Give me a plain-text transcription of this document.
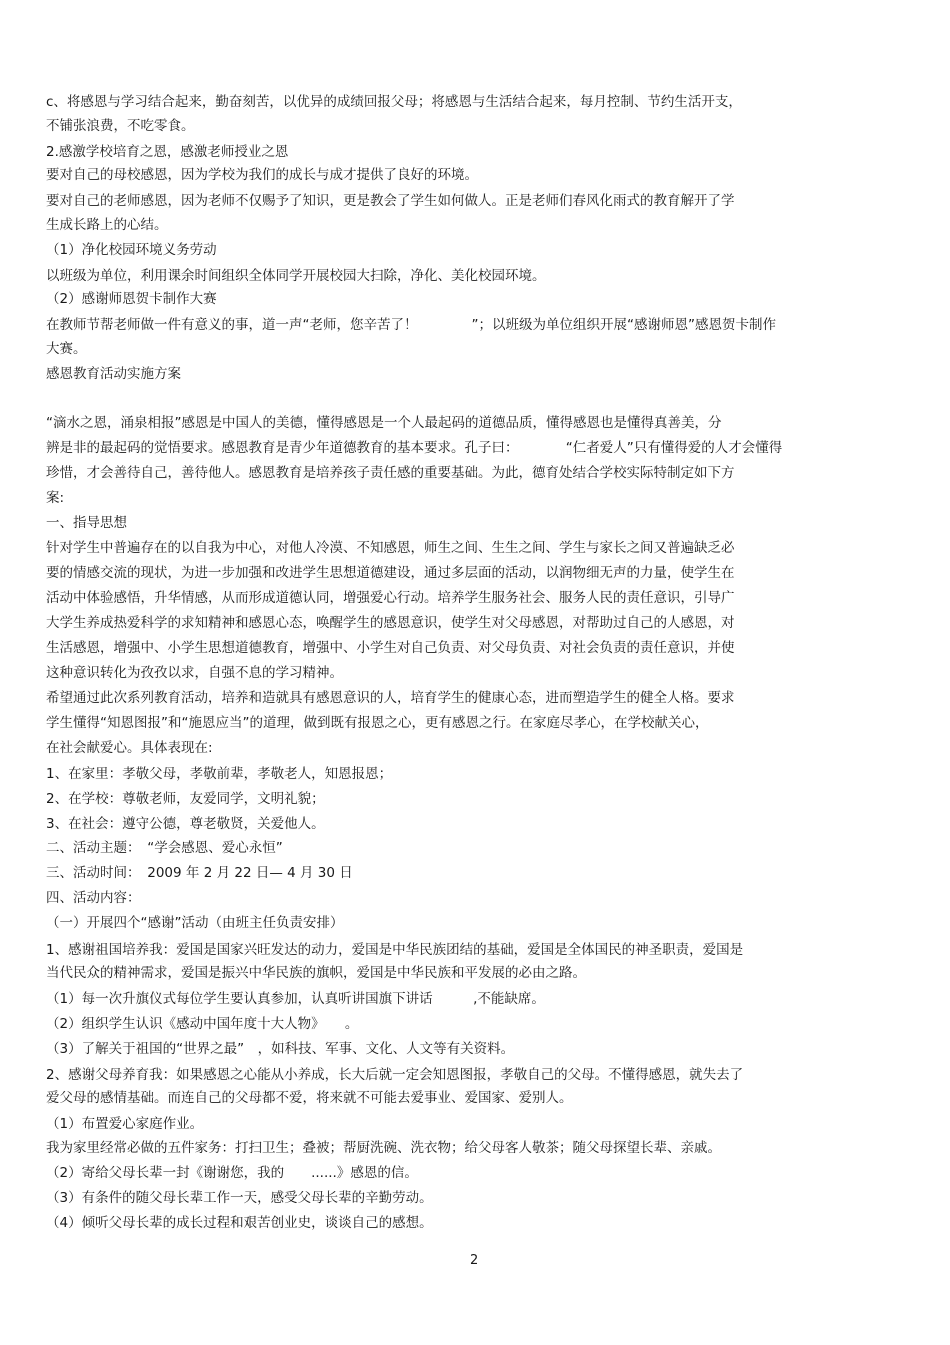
c、将感恩与学习结合起来，勤奋刻苦，以优异的成绩回报父母；将感恩与生活结合起来，每月控制、节约生活开支，
不铺张浪费，不吃零食。
2.感激学校培育之恩，感激老师授业之恩
要对自己的母校感恩，因为学校为我们的成长与成才提供了良好的环境。
要对自己的老师感恩，因为老师不仅赐予了知识，更是教会了学生如何做人。正是老师们春风化雨式的教育解开了学
生成长路上的心结。
（1）净化校园环境义务劳动
以班级为单位，利用课余时间组织全体同学开展校园大扫除，净化、美化校园环境。
（2）感谢师恩贺卡制作大赛
在教师节帮老师做一件有意义的事，道一声“老师，您辛苦了！　　　　”；以班级为单位组织开展“感谢师恩”感恩贺卡制作
大赛。
感恩教育活动实施方案
“滴水之恩，涌泉相报”感恩是中国人的美德，懂得感恩是一个人最起码的道德品质，懂得感恩也是懂得真善美，分
辨是非的最起码的觉悟要求。感恩教育是青少年道德教育的基本要求。孔子曰：　　　　“仁者爱人”只有懂得爱的人才会懂得
珍惜，才会善待自己，善待他人。感恩教育是培养孩子责任感的重要基础。为此，德育处结合学校实际特制定如下方
案:
一、指导思想
针对学生中普遍存在的以自我为中心，对他人冷漠、不知感恩，师生之间、生生之间、学生与家长之间又普遍缺乏必
要的情感交流的现状，为进一步加强和改进学生思想道德建设，通过多层面的活动，以润物细无声的力量，使学生在
活动中体验感悟，升华情感，从而形成道德认同，增强爱心行动。培养学生服务社会、服务人民的责任意识，引导广
大学生养成热爱科学的求知精神和感恩心态，唤醒学生的感恩意识，使学生对父母感恩，对帮助过自己的人感恩，对
生活感恩，增强中、小学生思想道德教育，增强中、小学生对自己负责、对父母负责、对社会负责的责任意识，并使
这种意识转化为孜孜以求，自强不息的学习精神。
希望通过此次系列教育活动，培养和造就具有感恩意识的人，培育学生的健康心态，进而塑造学生的健全人格。要求
学生懂得“知恩图报”和“施恩应当”的道理，做到既有报恩之心，更有感恩之行。在家庭尽孝心，在学校献关心，
在社会献爱心。具体表现在:
1、在家里：孝敬父母，孝敬前辈，孝敬老人，知恩报恩；
2、在学校：尊敬老师，友爱同学，文明礼貌；
3、在社会：遵守公德，尊老敬贤，关爱他人。
二、活动主题：　“学会感恩、爱心永恒”
三、活动时间：　2009 年 2 月 22 日— 4 月 30 日
四、活动内容：
（一）开展四个“感谢”活动（由班主任负责安排）
1、感谢祖国培养我：爱国是国家兴旺发达的动力，爱国是中华民族团结的基础，爱国是全体国民的神圣职责，爱国是
当代民众的精神需求，爱国是振兴中华民族的旗帜，爱国是中华民族和平发展的必由之路。
（1）每一次升旗仪式每位学生要认真参加，认真听讲国旗下讲话　　　,不能缺席。
（2）组织学生认识《感动中国年度十大人物》　　。
（3）了解关于祖国的“世界之最”　，如科技、军事、文化、人文等有关资料。
2、感谢父母养育我：如果感恩之心能从小养成，长大后就一定会知恩图报，孝敬自己的父母。不懂得感恩，就失去了
爱父母的感情基础。而连自己的父母都不爱，将来就不可能去爱事业、爱国家、爱别人。
（1）布置爱心家庭作业。
我为家里经常必做的五件家务：打扫卫生；叠被；帮厨洗碗、洗衣物；给父母客人敬茶；随父母探望长辈、亲戚。
（2）寄给父母长辈一封《谢谢您，我的　　......》感恩的信。
（3）有条件的随父母长辈工作一天，感受父母长辈的辛勤劳动。
（4）倾听父母长辈的成长过程和艰苦创业史，谈谈自己的感想。
2
